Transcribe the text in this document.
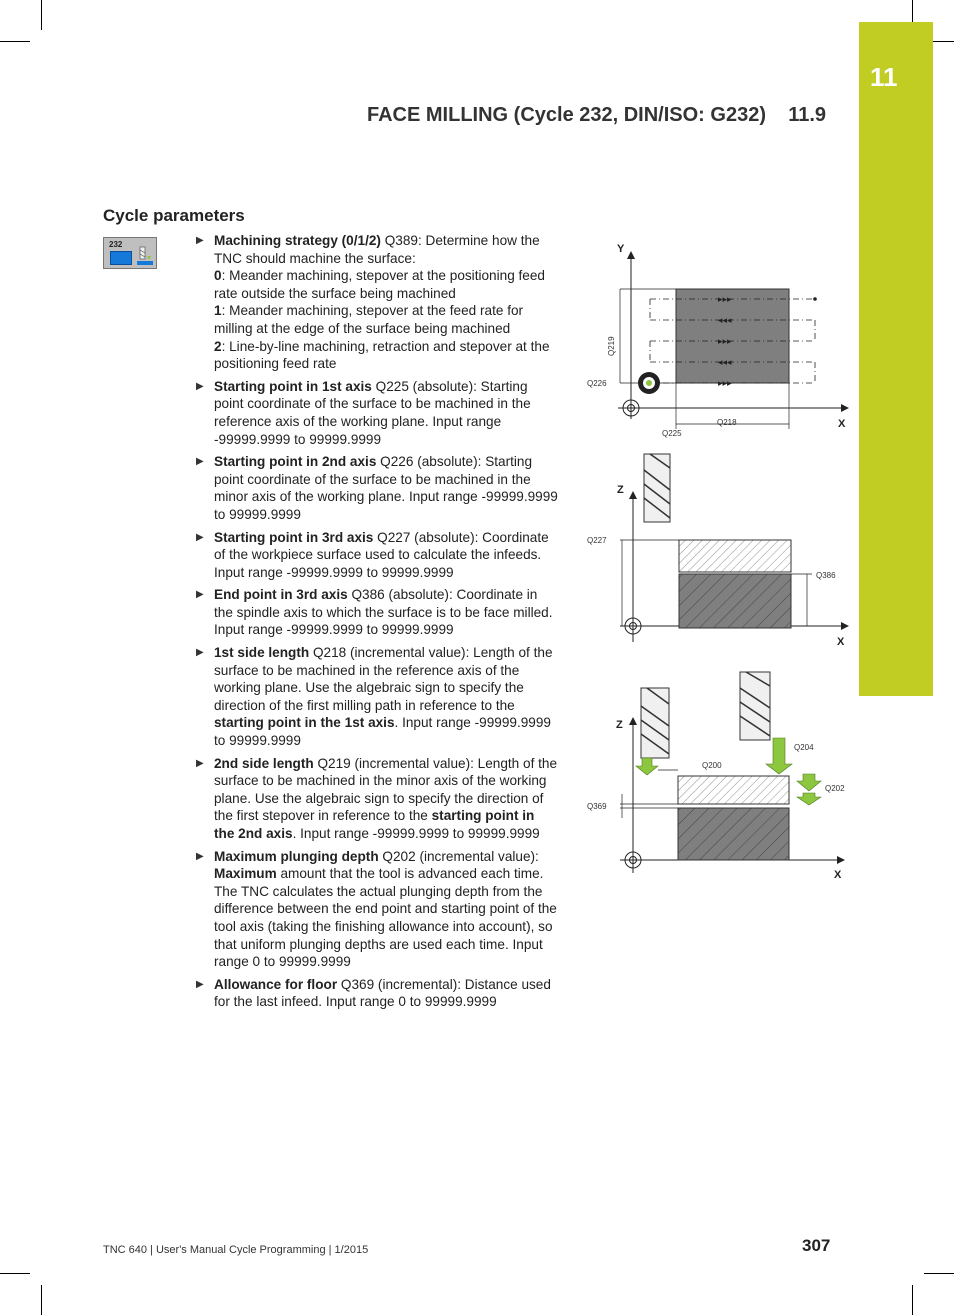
11
FACE MILLING (Cycle 232, DIN/ISO: G232) 11.9
Cycle parameters
232	▶ Machining strategy (0/1/2) Q389: Determine how the TNC should machine the surface:
0: Meander machining, stepover at the positioning feed rate outside the surface being machined
1: Meander machining, stepover at the feed rate for milling at the edge of the surface being machined
2: Line-by-line machining, retraction and stepover at the positioning feed rate
▶ Starting point in 1st axis Q225 (absolute): Starting point coordinate of the surface to be machined in the reference axis of the working plane. Input range -99999.9999 to 99999.9999
▶ Starting point in 2nd axis Q226 (absolute): Starting point coordinate of the surface to be machined in the minor axis of the working plane. Input range -99999.9999 to 99999.9999
▶ Starting point in 3rd axis Q227 (absolute): Coordinate of the workpiece surface used to calculate the infeeds. Input range -99999.9999 to 99999.9999
▶ End point in 3rd axis Q386 (absolute): Coordinate in the spindle axis to which the surface is to be face milled. Input range -99999.9999 to 99999.9999
▶ 1st side length Q218 (incremental value): Length of the surface to be machined in the reference axis of the working plane. Use the algebraic sign to specify the direction of the first milling path in reference to the starting point in the 1st axis. Input range -99999.9999 to 99999.9999
▶ 2nd side length Q219 (incremental value): Length of the surface to be machined in the minor axis of the working plane. Use the algebraic sign to specify the direction of the first stepover in reference to the starting point in the 2nd axis. Input range -99999.9999 to 99999.9999
▶ Maximum plunging depth Q202 (incremental value): Maximum amount that the tool is advanced each time. The TNC calculates the actual plunging depth from the difference between the end point and starting point of the tool axis (taking the finishing allowance into account), so that uniform plunging depths are used each time. Input range 0 to 99999.9999
▶ Allowance for floor Q369 (incremental): Distance used for the last infeed. Input range 0 to 99999.9999
Y
X
Q219
Q226
Q218
Q225
▸▸▸
◂◂◂
▸▸▸
◂◂◂
▸▸▸
Z
X
Q227
Q386
Z
X
Q200
Q204
Q202
Q369
TNC 640 | User's Manual Cycle Programming | 1/2015	307
